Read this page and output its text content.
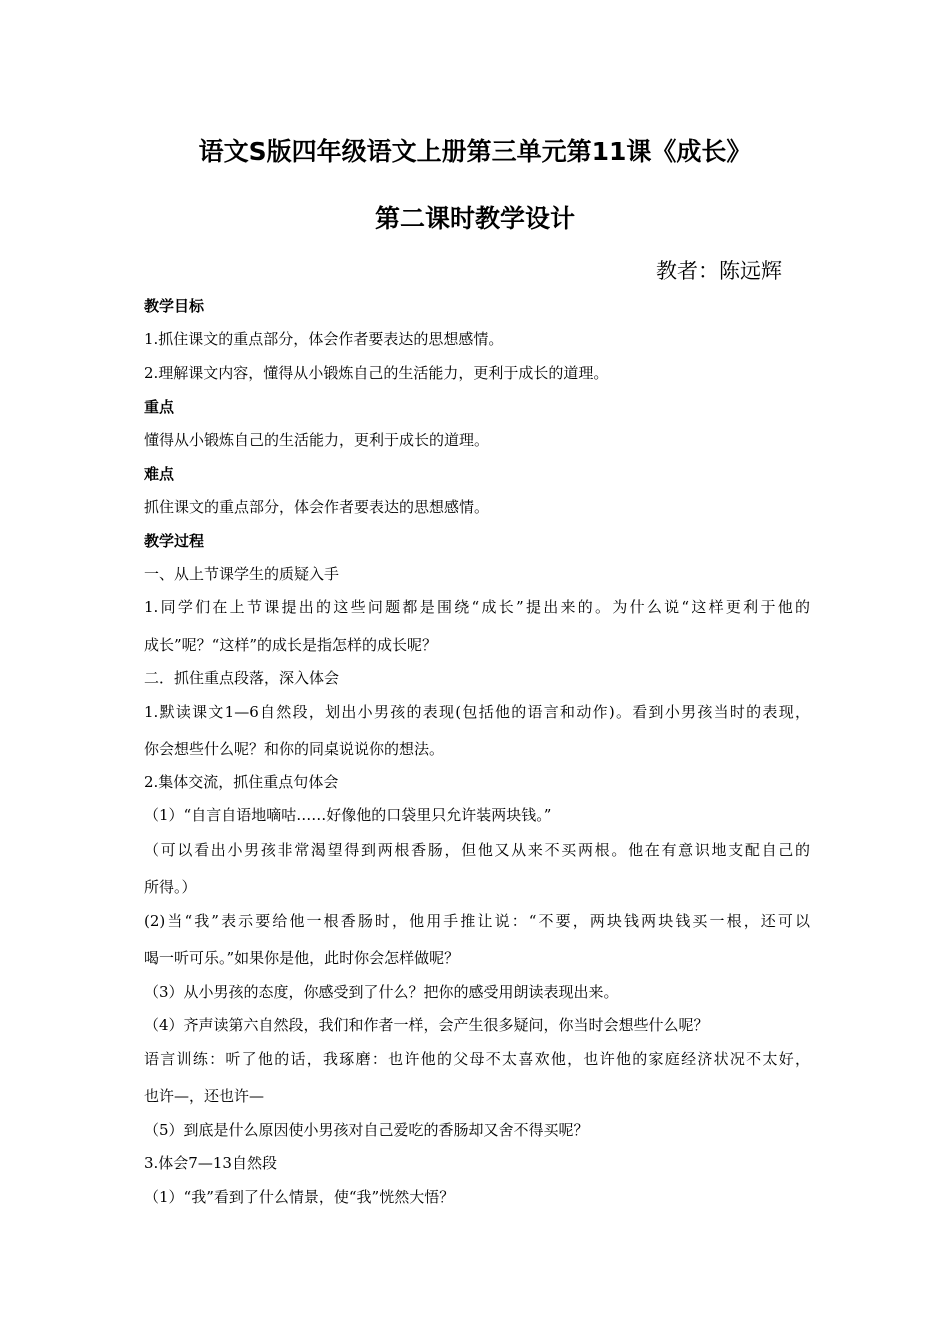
语文S版四年级语文上册第三单元第11课《成长》
第二课时教学设计
教者：陈远辉
教学目标
1.抓住课文的重点部分，体会作者要表达的思想感情。
2.理解课文内容，懂得从小锻炼自己的生活能力，更利于成长的道理。
重点
懂得从小锻炼自己的生活能力，更利于成长的道理。
难点
抓住课文的重点部分，体会作者要表达的思想感情。
教学过程
一、从上节课学生的质疑入手
1.同学们在上节课提出的这些问题都是围绕“成长”提出来的。为什么说“这样更利于他的
成长”呢？“这样”的成长是指怎样的成长呢？
二．抓住重点段落，深入体会
1.默读课文1—6自然段，划出小男孩的表现(包括他的语言和动作)。看到小男孩当时的表现，
你会想些什么呢？和你的同桌说说你的想法。
2.集体交流，抓住重点句体会
（1）“自言自语地嘀咕……好像他的口袋里只允许装两块钱。”
（可以看出小男孩非常渴望得到两根香肠，但他又从来不买两根。他在有意识地支配自己的
所得。）
(2)当“我”表示要给他一根香肠时，他用手推让说：“不要，两块钱两块钱买一根，还可以
喝一听可乐。”如果你是他，此时你会怎样做呢？
（3）从小男孩的态度，你感受到了什么？把你的感受用朗读表现出来。
（4）齐声读第六自然段，我们和作者一样，会产生很多疑问，你当时会想些什么呢？
语言训练：听了他的话，我琢磨：也许他的父母不太喜欢他，也许他的家庭经济状况不太好，
也许—，还也许—
（5）到底是什么原因使小男孩对自己爱吃的香肠却又舍不得买呢？
3.体会7—13自然段
（1）“我”看到了什么情景，使“我”恍然大悟？
